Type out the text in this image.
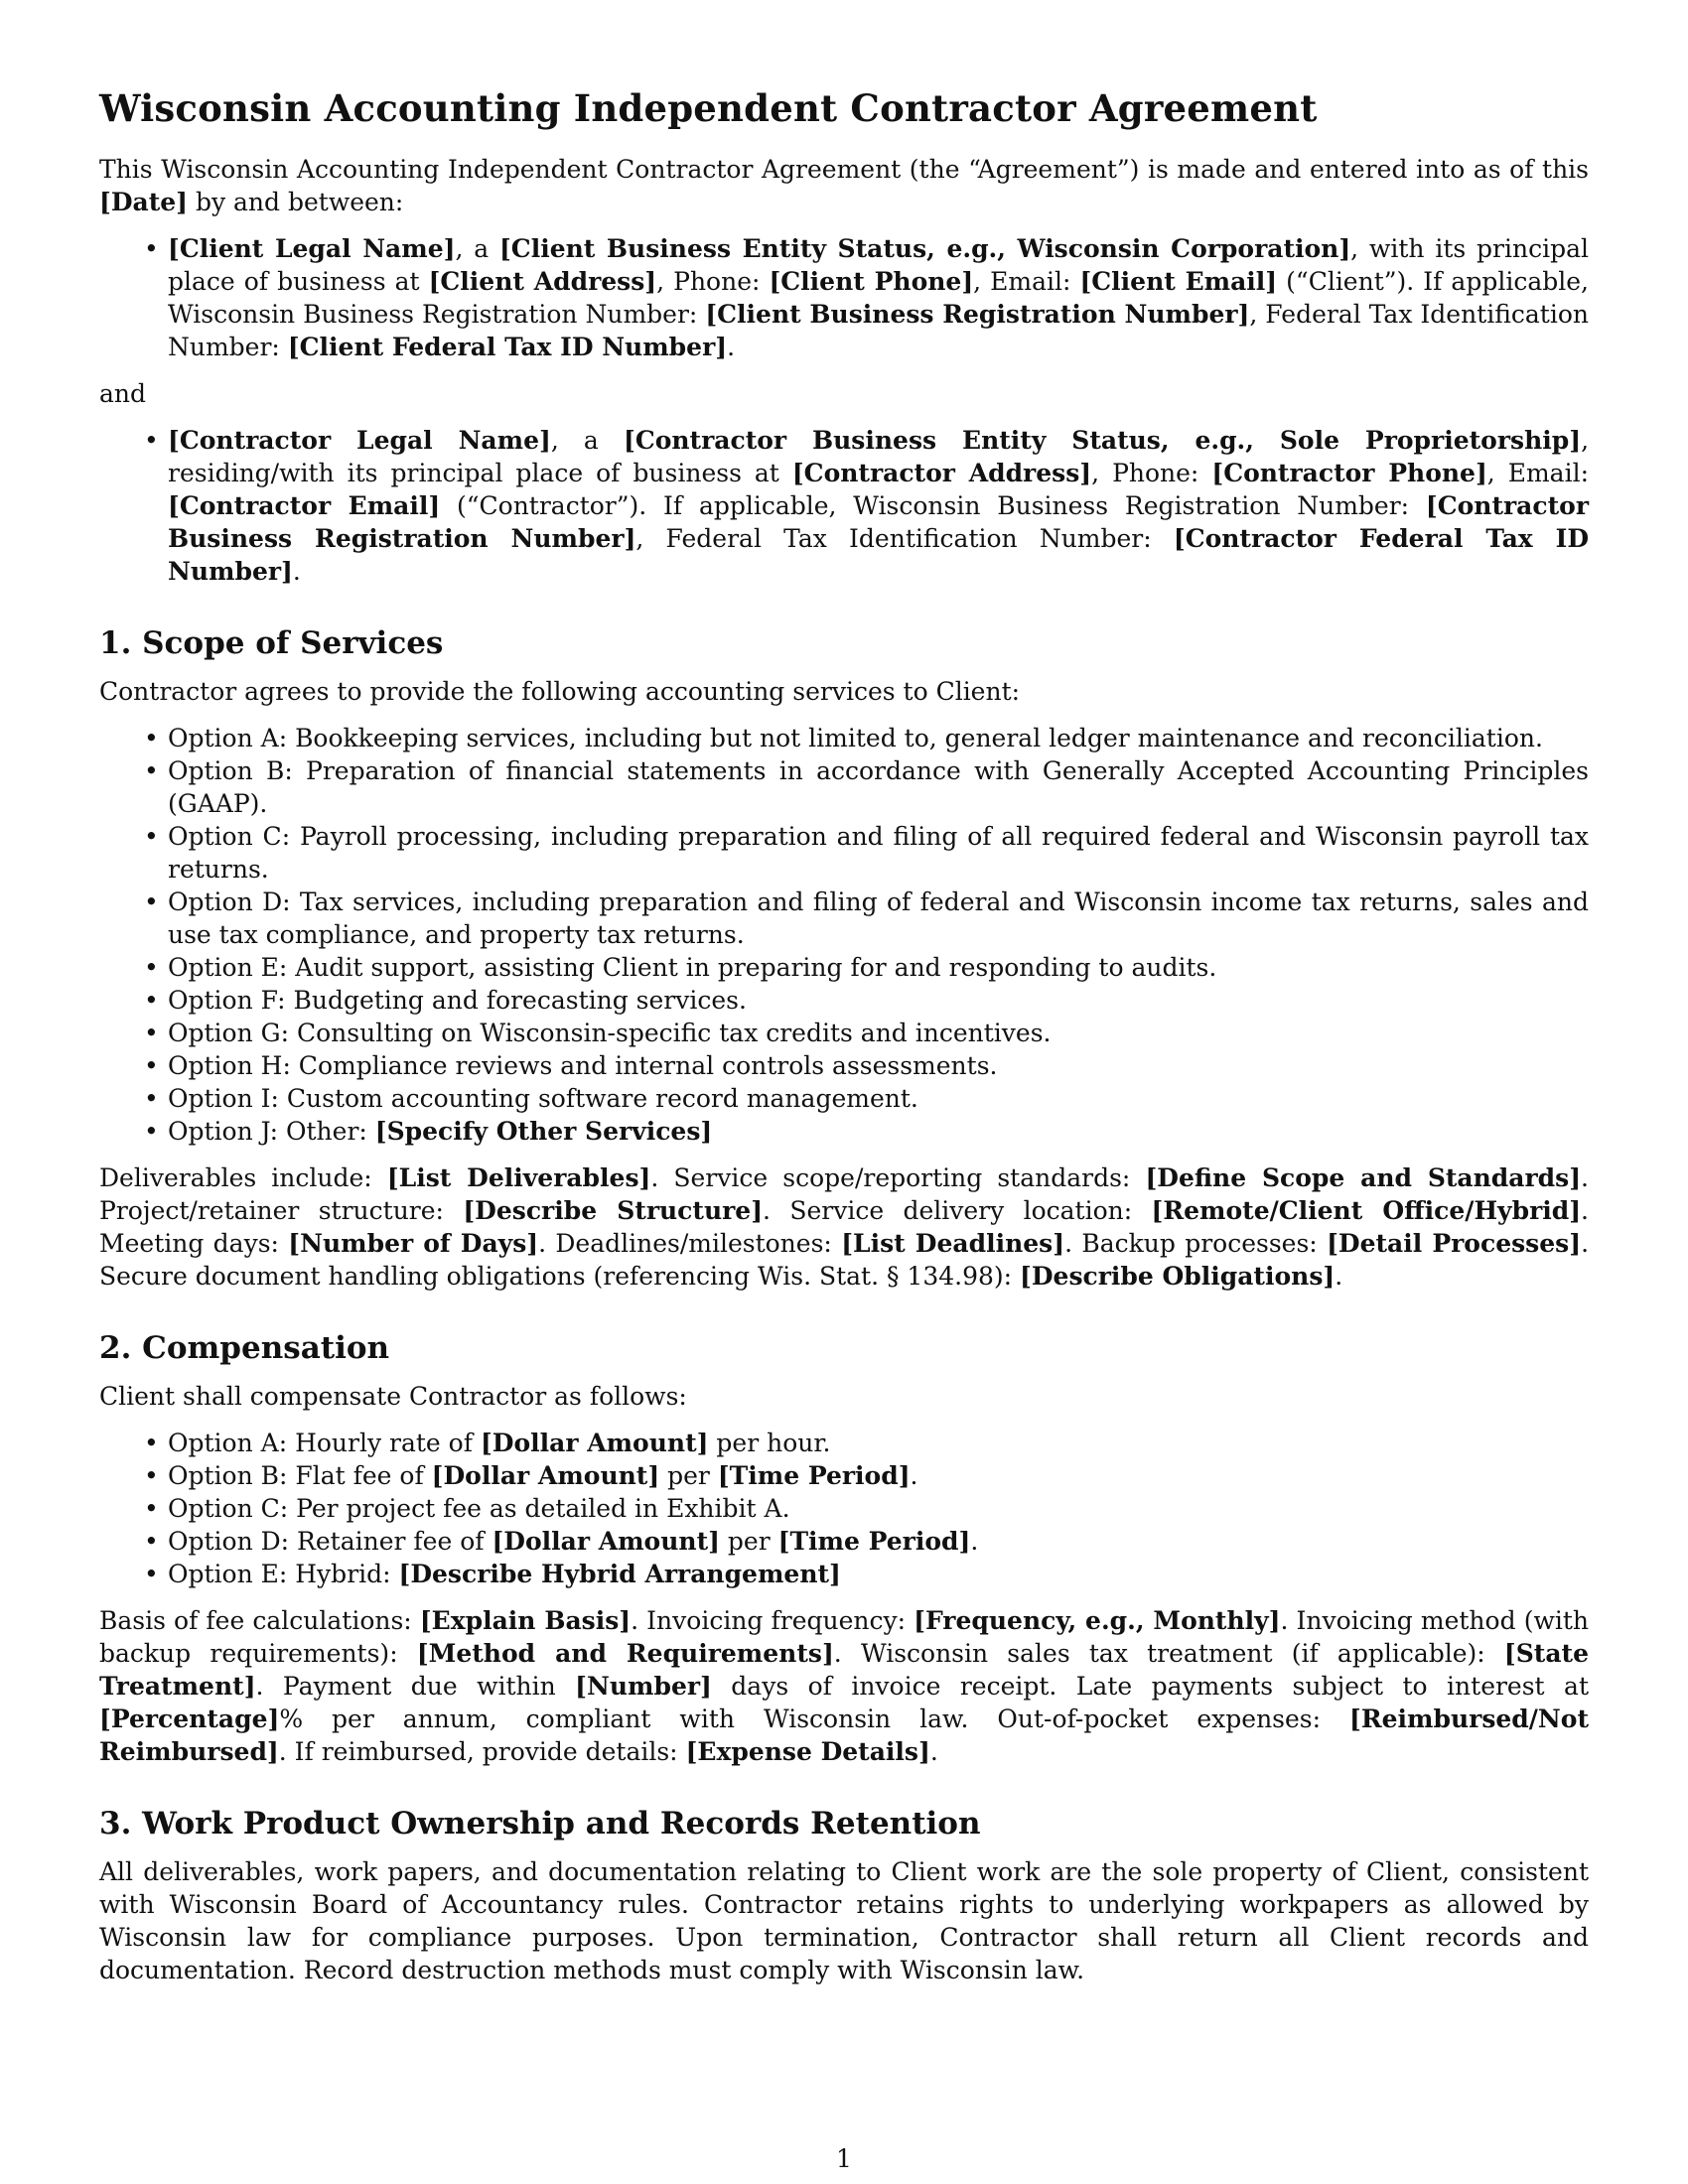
Wisconsin Accounting Independent Contractor Agreement

This Wisconsin Accounting Independent Contractor Agreement (the “Agreement”) is made and entered into as of this [Date] by and between:

• [Client Legal Name], a [Client Business Entity Status, e.g., Wisconsin Corporation], with its principal place of business at [Client Address], Phone: [Client Phone], Email: [Client Email] (“Client”). If applicable, Wisconsin Business Registration Number: [Client Business Registration Number], Federal Tax Identification Number: [Client Federal Tax ID Number].

and

• [Contractor Legal Name], a [Contractor Business Entity Status, e.g., Sole Proprietorship], residing/with its principal place of business at [Contractor Address], Phone: [Contractor Phone], Email: [Contractor Email] (“Contractor”). If applicable, Wisconsin Business Registration Number: [Contractor Business Registration Number], Federal Tax Identification Number: [Contractor Federal Tax ID Number].
1. Scope of Services

Contractor agrees to provide the following accounting services to Client:

• Option A: Bookkeeping services, including but not limited to, general ledger maintenance and reconciliation.
• Option B: Preparation of financial statements in accordance with Generally Accepted Accounting Principles (GAAP).
• Option C: Payroll processing, including preparation and filing of all required federal and Wisconsin payroll tax returns.
• Option D: Tax services, including preparation and filing of federal and Wisconsin income tax returns, sales and use tax compliance, and property tax returns.
• Option E: Audit support, assisting Client in preparing for and responding to audits.
• Option F: Budgeting and forecasting services.
• Option G: Consulting on Wisconsin-specific tax credits and incentives.
• Option H: Compliance reviews and internal controls assessments.
• Option I: Custom accounting software record management.
• Option J: Other: [Specify Other Services]

Deliverables include: [List Deliverables]. Service scope/reporting standards: [Define Scope and Standards]. Project/retainer structure: [Describe Structure]. Service delivery location: [Remote/Client Office/Hybrid]. Meeting days: [Number of Days]. Deadlines/milestones: [List Deadlines]. Backup processes: [Detail Processes]. Secure document handling obligations (referencing Wis. Stat. § 134.98): [Describe Obligations].

2. Compensation

Client shall compensate Contractor as follows:

• Option A: Hourly rate of [Dollar Amount] per hour.
• Option B: Flat fee of [Dollar Amount] per [Time Period].
• Option C: Per project fee as detailed in Exhibit A.
• Option D: Retainer fee of [Dollar Amount] per [Time Period].
• Option E: Hybrid: [Describe Hybrid Arrangement]

Basis of fee calculations: [Explain Basis]. Invoicing frequency: [Frequency, e.g., Monthly]. Invoicing method (with backup requirements): [Method and Requirements]. Wisconsin sales tax treatment (if applicable): [State Treatment]. Payment due within [Number] days of invoice receipt. Late payments subject to interest at [Percentage]% per annum, compliant with Wisconsin law. Out-of-pocket expenses: [Reimbursed/Not Reimbursed]. If reimbursed, provide details: [Expense Details].

3. Work Product Ownership and Records Retention

All deliverables, work papers, and documentation relating to Client work are the sole property of Client, consistent with Wisconsin Board of Accountancy rules. Contractor retains rights to underlying workpapers as allowed by Wisconsin law for compliance purposes. Upon termination, Contractor shall return all Client records and documentation. Record destruction methods must comply with Wisconsin law.

1
